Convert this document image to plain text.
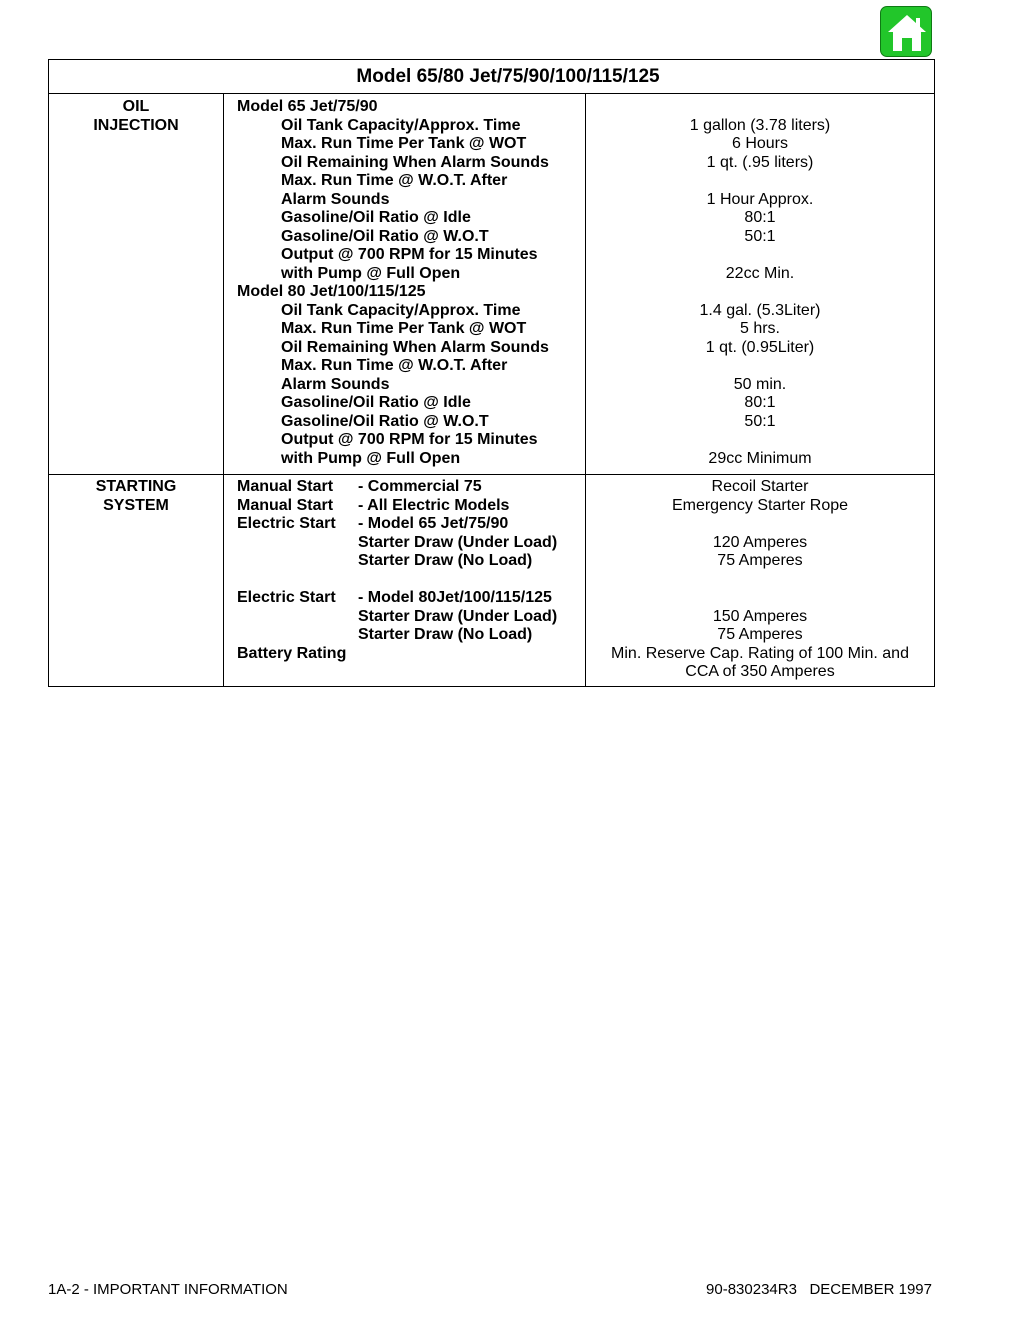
Model 65/80 Jet/75/90/100/115/125
OIL
INJECTION
Model 65 Jet/75/90
Oil Tank Capacity/Approx. Time
Max. Run Time Per Tank @ WOT
Oil Remaining When Alarm Sounds
Max. Run Time @ W.O.T. After
Alarm Sounds
Gasoline/Oil Ratio @ Idle
Gasoline/Oil Ratio @ W.O.T
Output @ 700 RPM for 15 Minutes
with Pump @ Full Open
1 gallon (3.78 liters)
6 Hours
1 qt. (.95 liters)
1 Hour Approx.
80:1
50:1
22cc Min.
Model 80 Jet/100/115/125
Oil Tank Capacity/Approx. Time
Max. Run Time Per Tank @ WOT
Oil Remaining When Alarm Sounds
Max. Run Time @ W.O.T. After
Alarm Sounds
Gasoline/Oil Ratio @ Idle
Gasoline/Oil Ratio @ W.O.T
Output @ 700 RPM for 15 Minutes
with Pump @ Full Open
1.4 gal. (5.3Liter)
5 hrs.
1 qt. (0.95Liter)
50 min.
80:1
50:1
29cc Minimum
STARTING
SYSTEM
Manual Start
Manual Start
Electric Start
Electric Start
Battery Rating
- Commercial 75
- All Electric Models
- Model 65 Jet/75/90
Starter Draw (Under Load)
Starter Draw (No Load)
- Model 80Jet/100/115/125
Starter Draw (Under Load)
Starter Draw (No Load)
Recoil Starter
Emergency Starter Rope
120 Amperes
75 Amperes
150 Amperes
75 Amperes
Min. Reserve Cap. Rating of 100 Min. and
CCA of 350 Amperes
1A-2 - IMPORTANT INFORMATION	90-830234R3   DECEMBER 1997
